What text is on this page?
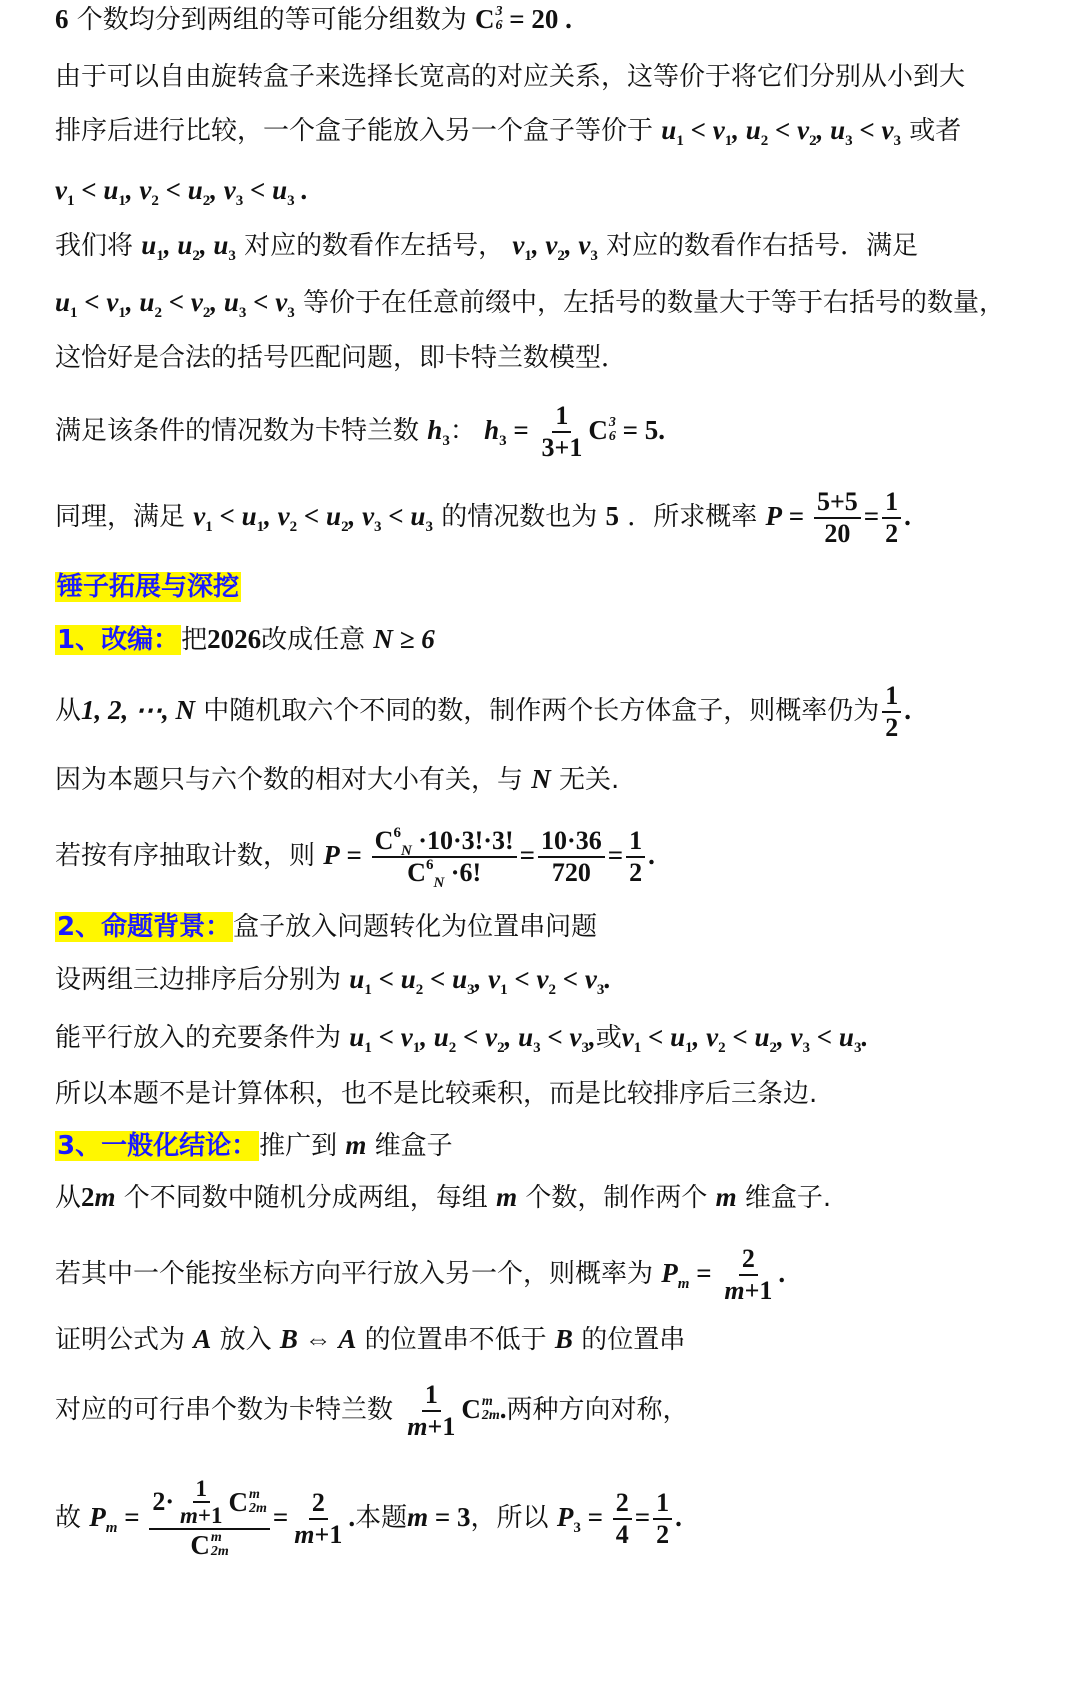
6 个数均分到两组的等可能分组数为 C 3
6 = 20 .
由于可以自由旋转盒子来选择长宽高的对应关系，这等价于将它们分别从小到大
排序后进行比较，一个盒子能放入另一个盒子等价于 $u_1 < v_1$, $u_2 < v_2$, $u_3 < v_3$ 或者
$v_1 < u_1$, $v_2 < u_2$, $v_3 < u_3$ .
我们将 $u_1$, $u_2$, $u_3$ 对应的数看作左括号， $v_1$, $v_2$, $v_3$ 对应的数看作右括号．满足
$u_1 < v_1$, $u_2 < v_2$, $u_3 < v_3$ 等价于在任意前缀中，左括号的数量大于等于右括号的数量，
这恰好是合法的括号匹配问题，即卡特兰数模型．
满足该条件的情况数为卡特兰数 $h_3$： $h_3 = \frac{1}{3+1}$ C 3
6 = 5.
同理，满足 $v_1 < u_1$, $v_2 < u_2$, $v_3 < u_3$ 的情况数也为 5 ．所求概率 $P = \frac{5+5}{20} = \frac{1}{2}$ .
锤子拓展与深挖
1、改编：把2026改成任意 N ≥ 6
从1, 2, ⋯, N 中随机取六个不同的数，制作两个长方体盒子，则概率仍为 $\frac{1}{2}$ .
因为本题只与六个数的相对大小有关，与 N 无关.
若按有序抽取计数，则 $P = \frac{C^6_N \cdot 10\cdot 3!\cdot 3!}{C^6_N \cdot 6!} = \frac{10\cdot 36}{720} = \frac{1}{2}$ .
2、命题背景：盒子放入问题转化为位置串问题
设两组三边排序后分别为 $u_1 < u_2 < u_3$, $v_1 < v_2 < v_3$.
能平行放入的充要条件为 $u_1 < v_1$, $u_2 < v_2$, $u_3 < v_3$,或$v_1 < u_1$, $v_2 < u_2$, $v_3 < u_3$.
所以本题不是计算体积，也不是比较乘积，而是比较排序后三条边.
3、一般化结论：推广到 m 维盒子
从2m 个不同数中随机分成两组，每组 m 个数，制作两个 m 维盒子.
若其中一个能按坐标方向平行放入另一个，则概率为 $P_m = \frac{2}{m+1}$ .
证明公式为 A 放入 B ⇔ A 的位置串不低于 B 的位置串
对应的可行串个数为卡特兰数 $\frac{1}{m+1}$ C m
2m .两种方向对称，
故 $P_m = 2\cdot \frac{1}{m+1}$ C m
2m
C m
$2m = \frac{2}{m+1}$ .本题m = 3，所以 $P_3 = \frac{2}{4} = \frac{1}{2}$ .
